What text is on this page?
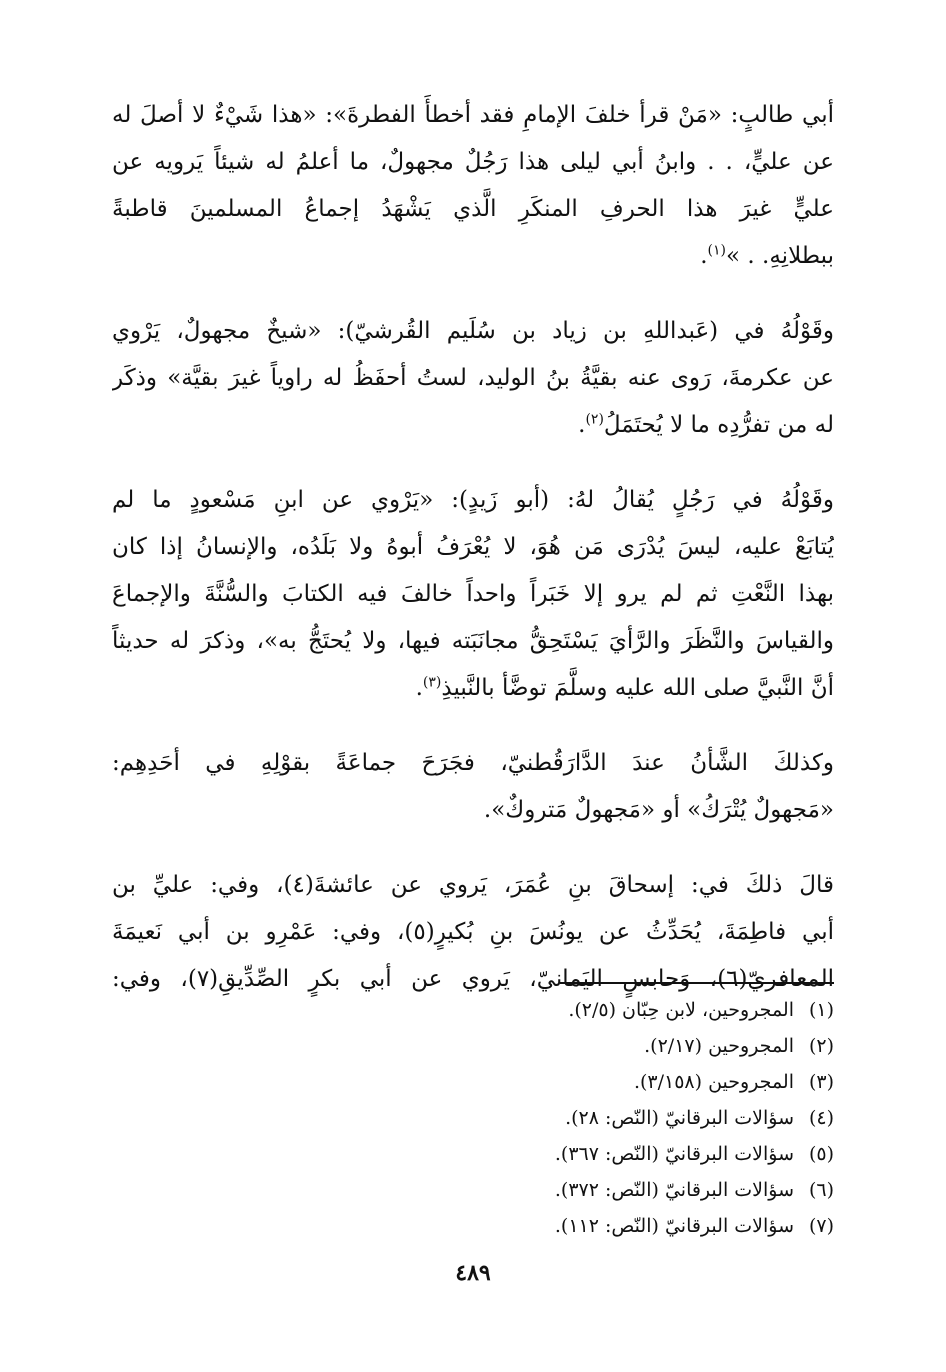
أبي طالبٍ: «مَنْ قرأ خلفَ الإمامِ فقد أخطأَ الفطرةَ»: «هذا شَيْءٌ لا أصلَ له
عن عليٍّ، . . وابنُ أبي ليلى هذا رَجُلٌ مجهولٌ، ما أعلمُ له شيئاً يَرويه عن
عليٍّ غيرَ هذا الحرفِ المنكَرِ الَّذي يَشْهَدُ إجماعُ المسلمينَ قاطبةً
ببطلانِهِ. . »$^{(١)}$.
وقَوْلُهُ في (عَبداللهِ بن زياد بن سُلَيم القُرشيّ): «شيخٌ مجهولٌ، يَرْوي
عن عكرمةَ، رَوى عنه بقيَّةُ بنُ الوليد، لستُ أحفَظُ له راوياً غيرَ بقيَّة» وذكَر
له من تفرُّدِه ما لا يُحتَمَلُ$^{(٢)}$.
وقَوْلُهُ في رَجُلٍ يُقالُ لهُ: (أبو زَيدٍ): «يَرْوي عن ابنِ مَسْعودٍ ما لم
يُتابَعْ عليه، ليسَ يُدْرَى مَن هُوَ، لا يُعْرَفُ أبوهُ ولا بَلَدُه، والإنسانُ إذا كان
بهذا النَّعْتِ ثم لم يرو إلا خَبَراً واحداً خالفَ فيه الكتابَ والسُّنَّةَ والإجماعَ
والقياسَ والنَّظَرَ والرَّأيَ يَسْتَحِقُّ مجانَبَته فيها، ولا يُحتَجُّ به»، وذكرَ له حديثاً
أنَّ النَّبيَّ صلى الله عليه وسلَّمَ توضَّأ بالنَّبيذِ$^{(٣)}$.
وكذلكَ الشَّأنُ عندَ الدَّارَقُطنيّ، فجَرَحَ جماعَةً بقوْلِهِ في أحَدِهِم:
«مَجهولٌ يُتْرَكُ» أو «مَجهولٌ مَتروكٌ».
قالَ ذلكَ في: إسحاقَ بنِ عُمَرَ، يَروي عن عائشةَ(٤)، وفي: عليِّ بن
أبي فاطِمَةَ، يُحَدِّثُ عن يونُسَ بنِ بُكيرٍ(٥)، وفي: عَمْرِو بن أبي نَعيمَةَ
المعافريّ(٦)، وَحابسٍ اليَمانيّ، يَروي عن أبي بكرٍ الصِّدِّيقِ(٧)، وفي:
(١)المجروحين، لابن حِبّان (٢/٥).
(٢)المجروحين (٢/١٧).
(٣)المجروحين (٣/١٥٨).
(٤)سؤالات البرقانيّ (النّص: ٢٨).
(٥)سؤالات البرقانيّ (النّص: ٣٦٧).
(٦)سؤالات البرقانيّ (النّص: ٣٧٢).
(٧)سؤالات البرقانيّ (النّص: ١١٢).
٤٨٩
